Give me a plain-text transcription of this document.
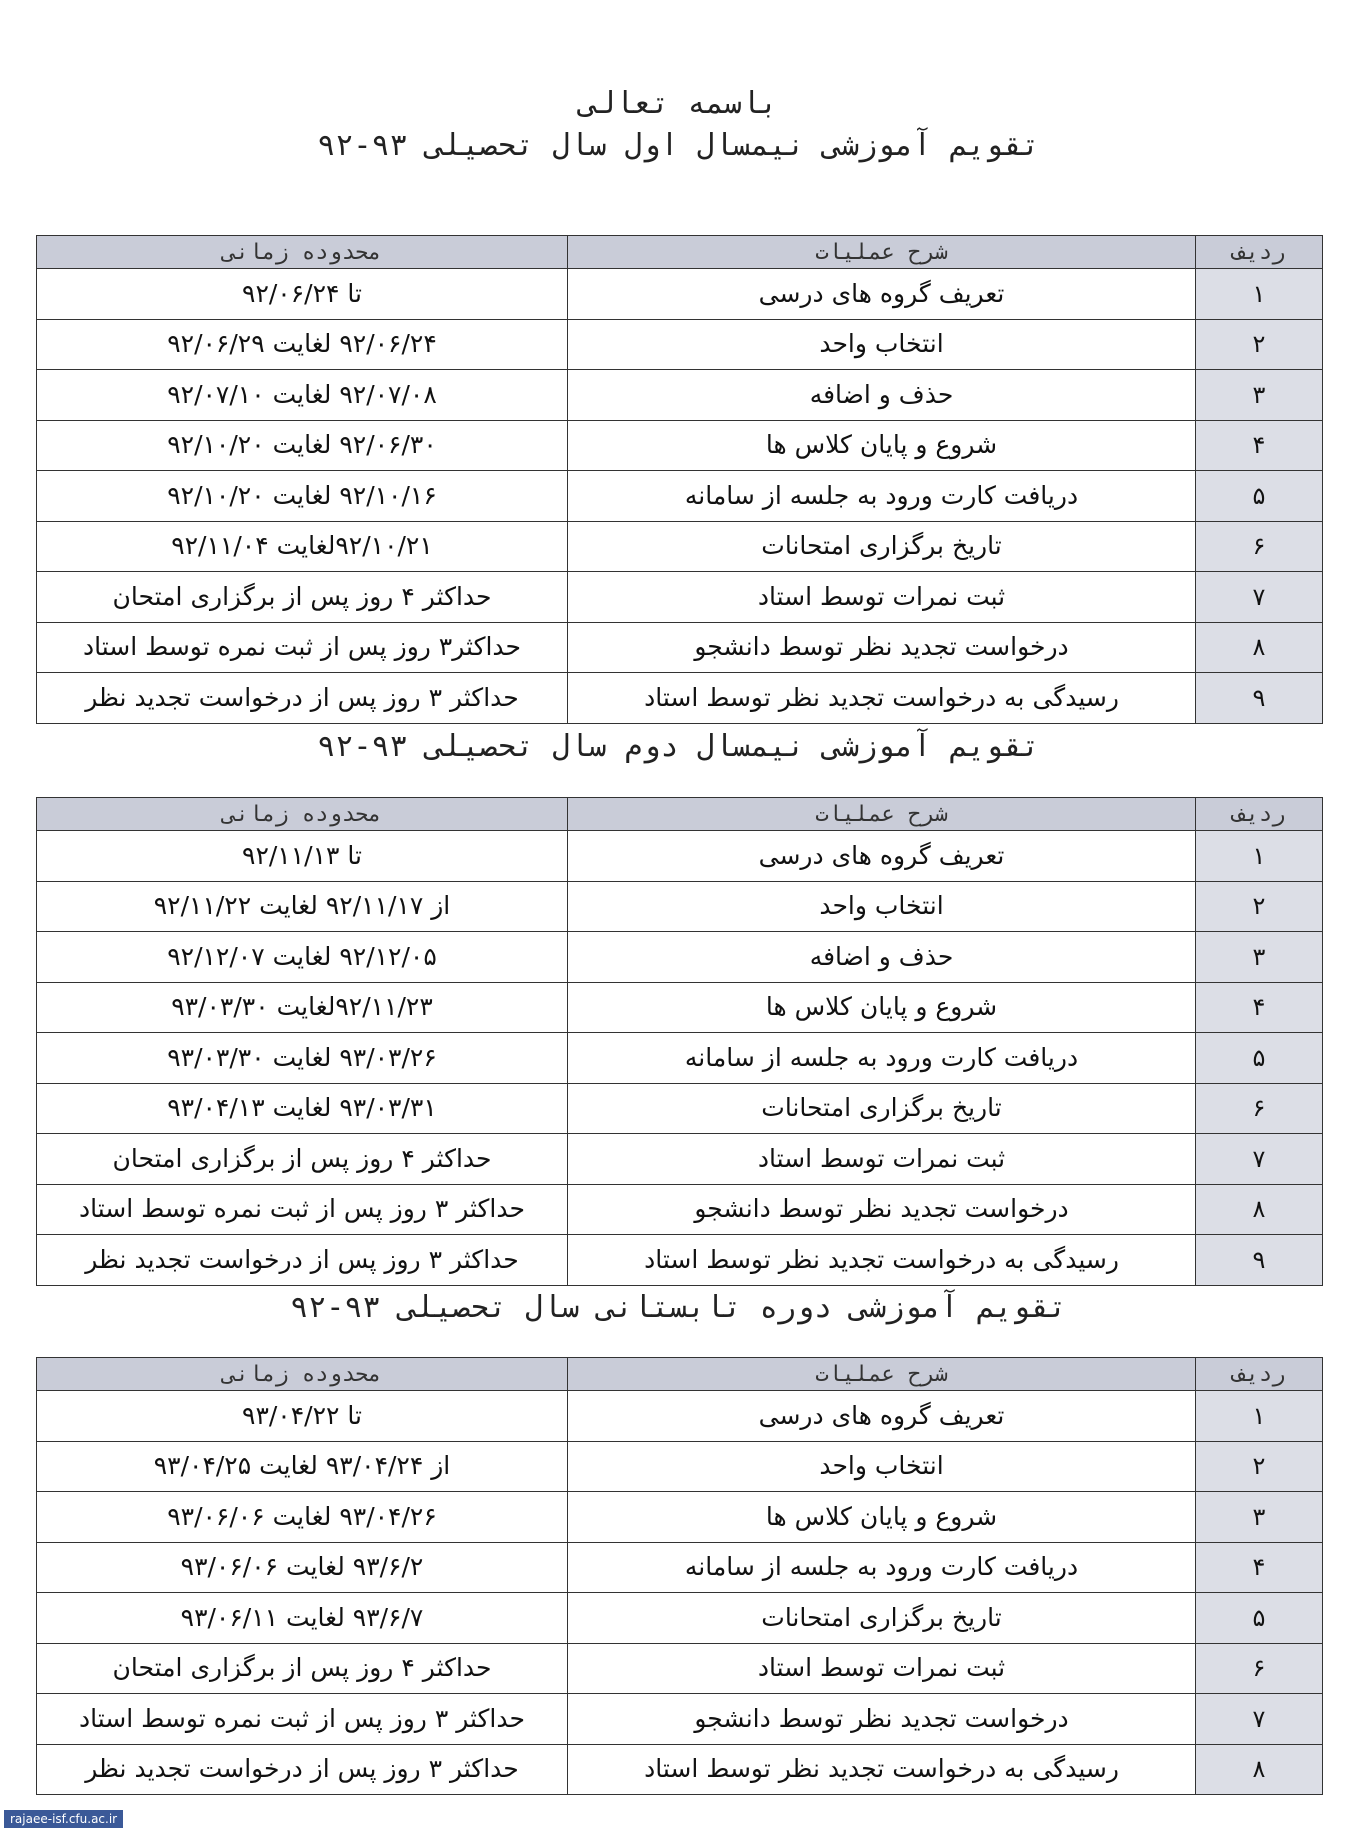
باسمه تعالی
تقویم آموزشی نیمسال اول سال تحصیلی ۹۳-۹۲
ردیف	شرح عملیات	محدوده زمانی
۱	تعریف گروه های درسی	تا ۹۲/۰۶/۲۴
۲	انتخاب واحد	۹۲/۰۶/۲۴ لغایت ۹۲/۰۶/۲۹
۳	حذف و اضافه	۹۲/۰۷/۰۸ لغایت ۹۲/۰۷/۱۰
۴	شروع و پایان کلاس ها	۹۲/۰۶/۳۰ لغایت ۹۲/۱۰/۲۰
۵	دریافت کارت ورود به جلسه از سامانه	۹۲/۱۰/۱۶ لغایت ۹۲/۱۰/۲۰
۶	تاریخ برگزاری امتحانات	۹۲/۱۰/۲۱لغایت ۹۲/۱۱/۰۴
۷	ثبت نمرات توسط استاد	حداکثر ۴ روز پس از برگزاری امتحان
۸	درخواست تجدید نظر توسط دانشجو	حداکثر۳ روز پس از ثبت نمره توسط استاد
۹	رسیدگی به درخواست تجدید نظر توسط استاد	حداکثر ۳ روز پس از درخواست تجدید نظر
تقویم آموزشی نیمسال دوم سال تحصیلی ۹۳-۹۲
ردیف	شرح عملیات	محدوده زمانی
۱	تعریف گروه های درسی	تا ۹۲/۱۱/۱۳
۲	انتخاب واحد	از ۹۲/۱۱/۱۷ لغایت ۹۲/۱۱/۲۲
۳	حذف و اضافه	۹۲/۱۲/۰۵ لغایت ۹۲/۱۲/۰۷
۴	شروع و پایان کلاس ها	۹۲/۱۱/۲۳لغایت ۹۳/۰۳/۳۰
۵	دریافت کارت ورود به جلسه از سامانه	۹۳/۰۳/۲۶ لغایت ۹۳/۰۳/۳۰
۶	تاریخ برگزاری امتحانات	۹۳/۰۳/۳۱ لغایت ۹۳/۰۴/۱۳
۷	ثبت نمرات توسط استاد	حداکثر ۴ روز پس از برگزاری امتحان
۸	درخواست تجدید نظر توسط دانشجو	حداکثر ۳ روز پس از ثبت نمره توسط استاد
۹	رسیدگی به درخواست تجدید نظر توسط استاد	حداکثر ۳ روز پس از درخواست تجدید نظر
تقویم آموزشی دوره تابستانی سال تحصیلی ۹۳-۹۲
ردیف	شرح عملیات	محدوده زمانی
۱	تعریف گروه های درسی	تا ۹۳/۰۴/۲۲
۲	انتخاب واحد	از ۹۳/۰۴/۲۴ لغایت ۹۳/۰۴/۲۵
۳	شروع و پایان کلاس ها	۹۳/۰۴/۲۶ لغایت ۹۳/۰۶/۰۶
۴	دریافت کارت ورود به جلسه از سامانه	۹۳/۶/۲ لغایت ۹۳/۰۶/۰۶
۵	تاریخ برگزاری امتحانات	۹۳/۶/۷ لغایت ۹۳/۰۶/۱۱
۶	ثبت نمرات توسط استاد	حداکثر ۴ روز پس از برگزاری امتحان
۷	درخواست تجدید نظر توسط دانشجو	حداکثر ۳ روز پس از ثبت نمره توسط استاد
۸	رسیدگی به درخواست تجدید نظر توسط استاد	حداکثر ۳ روز پس از درخواست تجدید نظر
rajaee-isf.cfu.ac.ir
